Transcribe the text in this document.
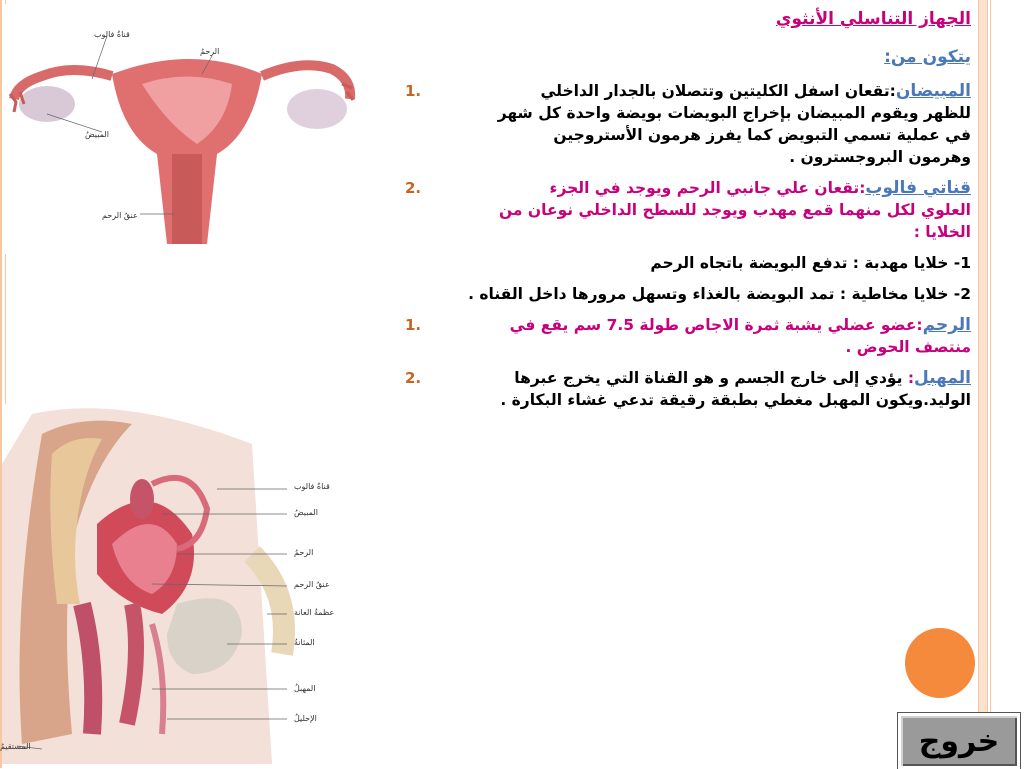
قناةُ فالوب
الرحمُ
المبيضُ
عنقُ الرحم
قناةُ فالوب
المبيضُ
الرحمُ
عنقُ الرحم
عظمةُ العانة
المثانةُ
المهبلُ
الإحليلُ
المستقيمُ
الجهاز التناسلي الأنثوي
يتكون من:
1.	المبيضان:تقعان اسفل الكليتين وتتصلان بالجدار الداخلي للظهر ويقوم المبيضان بإخراج البويضات بويضة واحدة كل شهر في عملية تسمي التبويض كما يفرز هرمون الأستروجين وهرمون البروجسترون .
2.	قناتي فالوب:تقعان علي جانبي الرحم ويوجد في الجزء العلوي لكل منهما قمع مهدب ويوجد للسطح الداخلي نوعان من الخلايا :
1- خلايا مهدبة : تدفع البويضة باتجاه الرحم
2- خلايا مخاطية : تمد البويضة بالغذاء وتسهل مرورها داخل القناه .
1.	الرحم:عضو عضلي يشبة ثمرة الاجاص طولة 7.5 سم يقع في منتصف الحوض .
2.	المهبل: يؤدي إلى خارج الجسم و هو القناة التي يخرج عبرها الوليد.ويكون المهبل مغطي بطبقة رقيقة تدعي غشاء البكارة .
خروج
